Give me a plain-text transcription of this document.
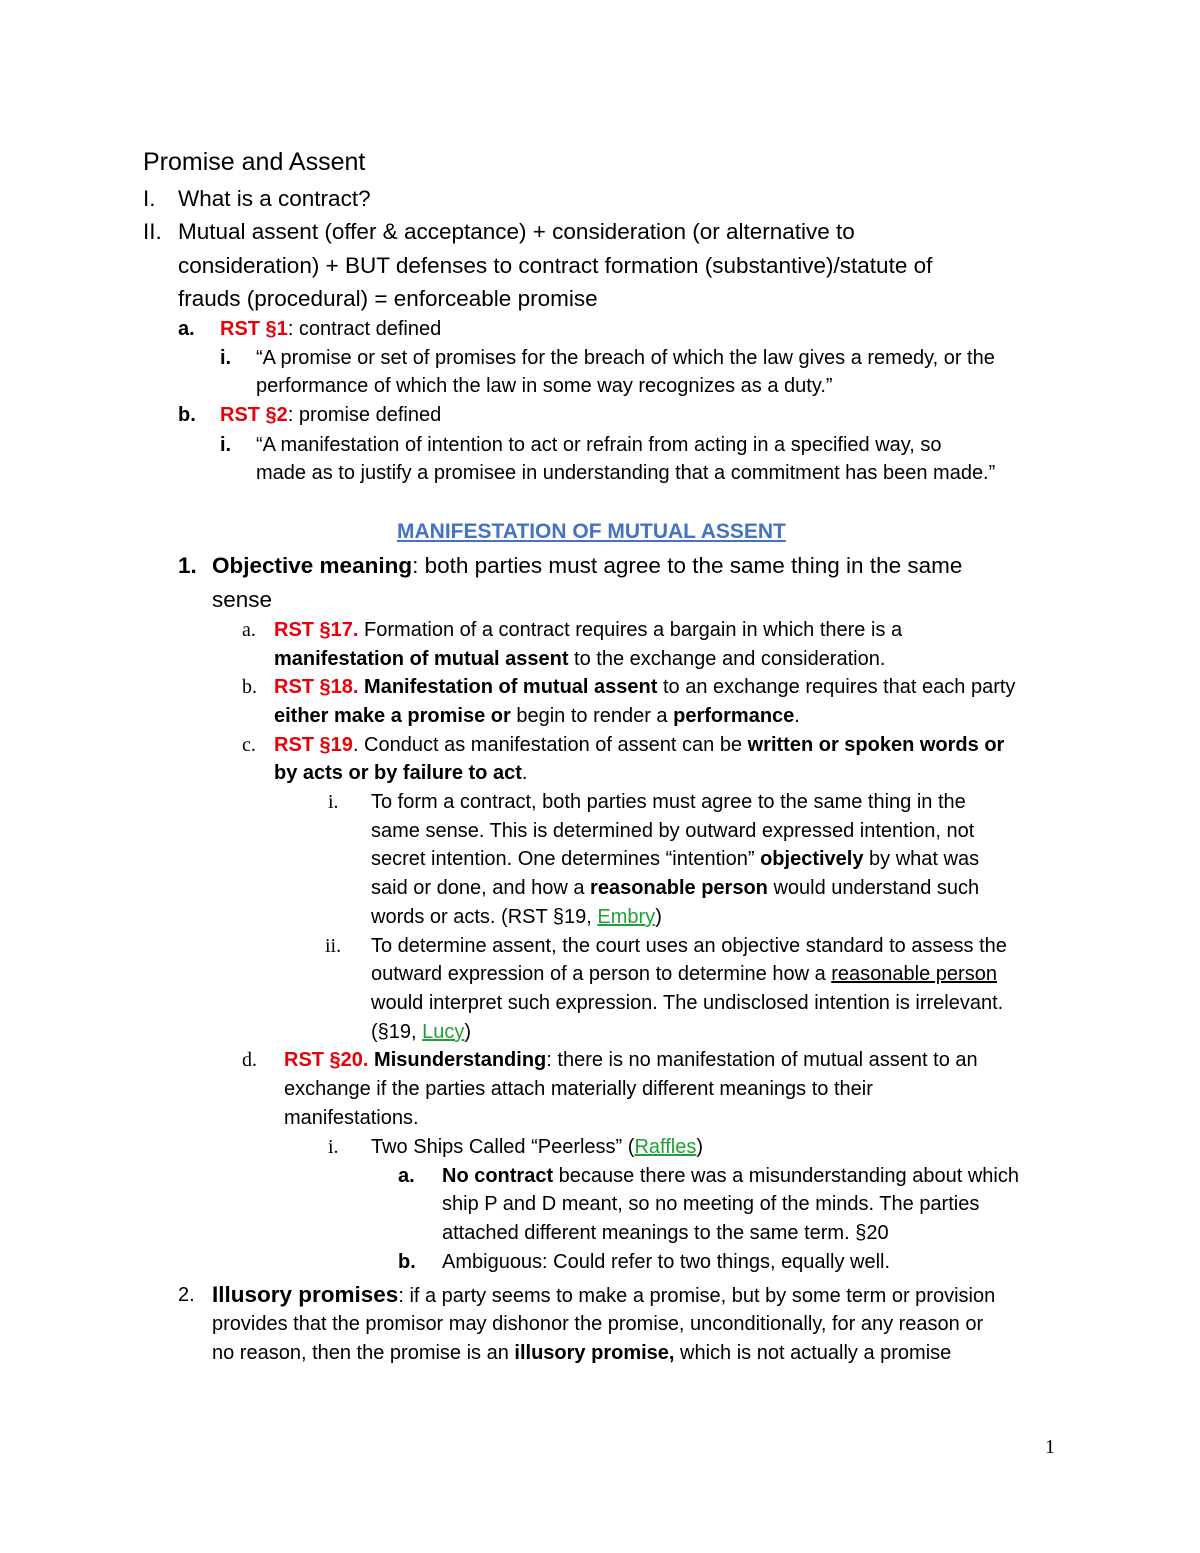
Promise and Assent
I. What is a contract?
II. Mutual assent (offer & acceptance) + consideration (or alternative to
consideration) + BUT defenses to contract formation (substantive)/statute of
frauds (procedural) = enforceable promise
a. RST §1: contract defined
i. “A promise or set of promises for the breach of which the law gives a remedy, or the
performance of which the law in some way recognizes as a duty.”
b. RST §2: promise defined
i. “A manifestation of intention to act or refrain from acting in a specified way, so
made as to justify a promisee in understanding that a commitment has been made.”
MANIFESTATION OF MUTUAL ASSENT
1. Objective meaning: both parties must agree to the same thing in the same
sense
a. RST §17. Formation of a contract requires a bargain in which there is a
manifestation of mutual assent to the exchange and consideration.
b. RST §18. Manifestation of mutual assent to an exchange requires that each party
either make a promise or begin to render a performance.
c. RST §19. Conduct as manifestation of assent can be written or spoken words or
by acts or by failure to act.
i. To form a contract, both parties must agree to the same thing in the
same sense. This is determined by outward expressed intention, not
secret intention. One determines “intention” objectively by what was
said or done, and how a reasonable person would understand such
words or acts. (RST §19, Embry)
ii. To determine assent, the court uses an objective standard to assess the
outward expression of a person to determine how a reasonable person
would interpret such expression. The undisclosed intention is irrelevant.
(§19, Lucy)
d. RST §20. Misunderstanding: there is no manifestation of mutual assent to an
exchange if the parties attach materially different meanings to their
manifestations.
i. Two Ships Called “Peerless” (Raffles)
a. No contract because there was a misunderstanding about which
ship P and D meant, so no meeting of the minds. The parties
attached different meanings to the same term. §20
b. Ambiguous: Could refer to two things, equally well.
2. Illusory promises: if a party seems to make a promise, but by some term or provision
provides that the promisor may dishonor the promise, unconditionally, for any reason or
no reason, then the promise is an illusory promise, which is not actually a promise
1
